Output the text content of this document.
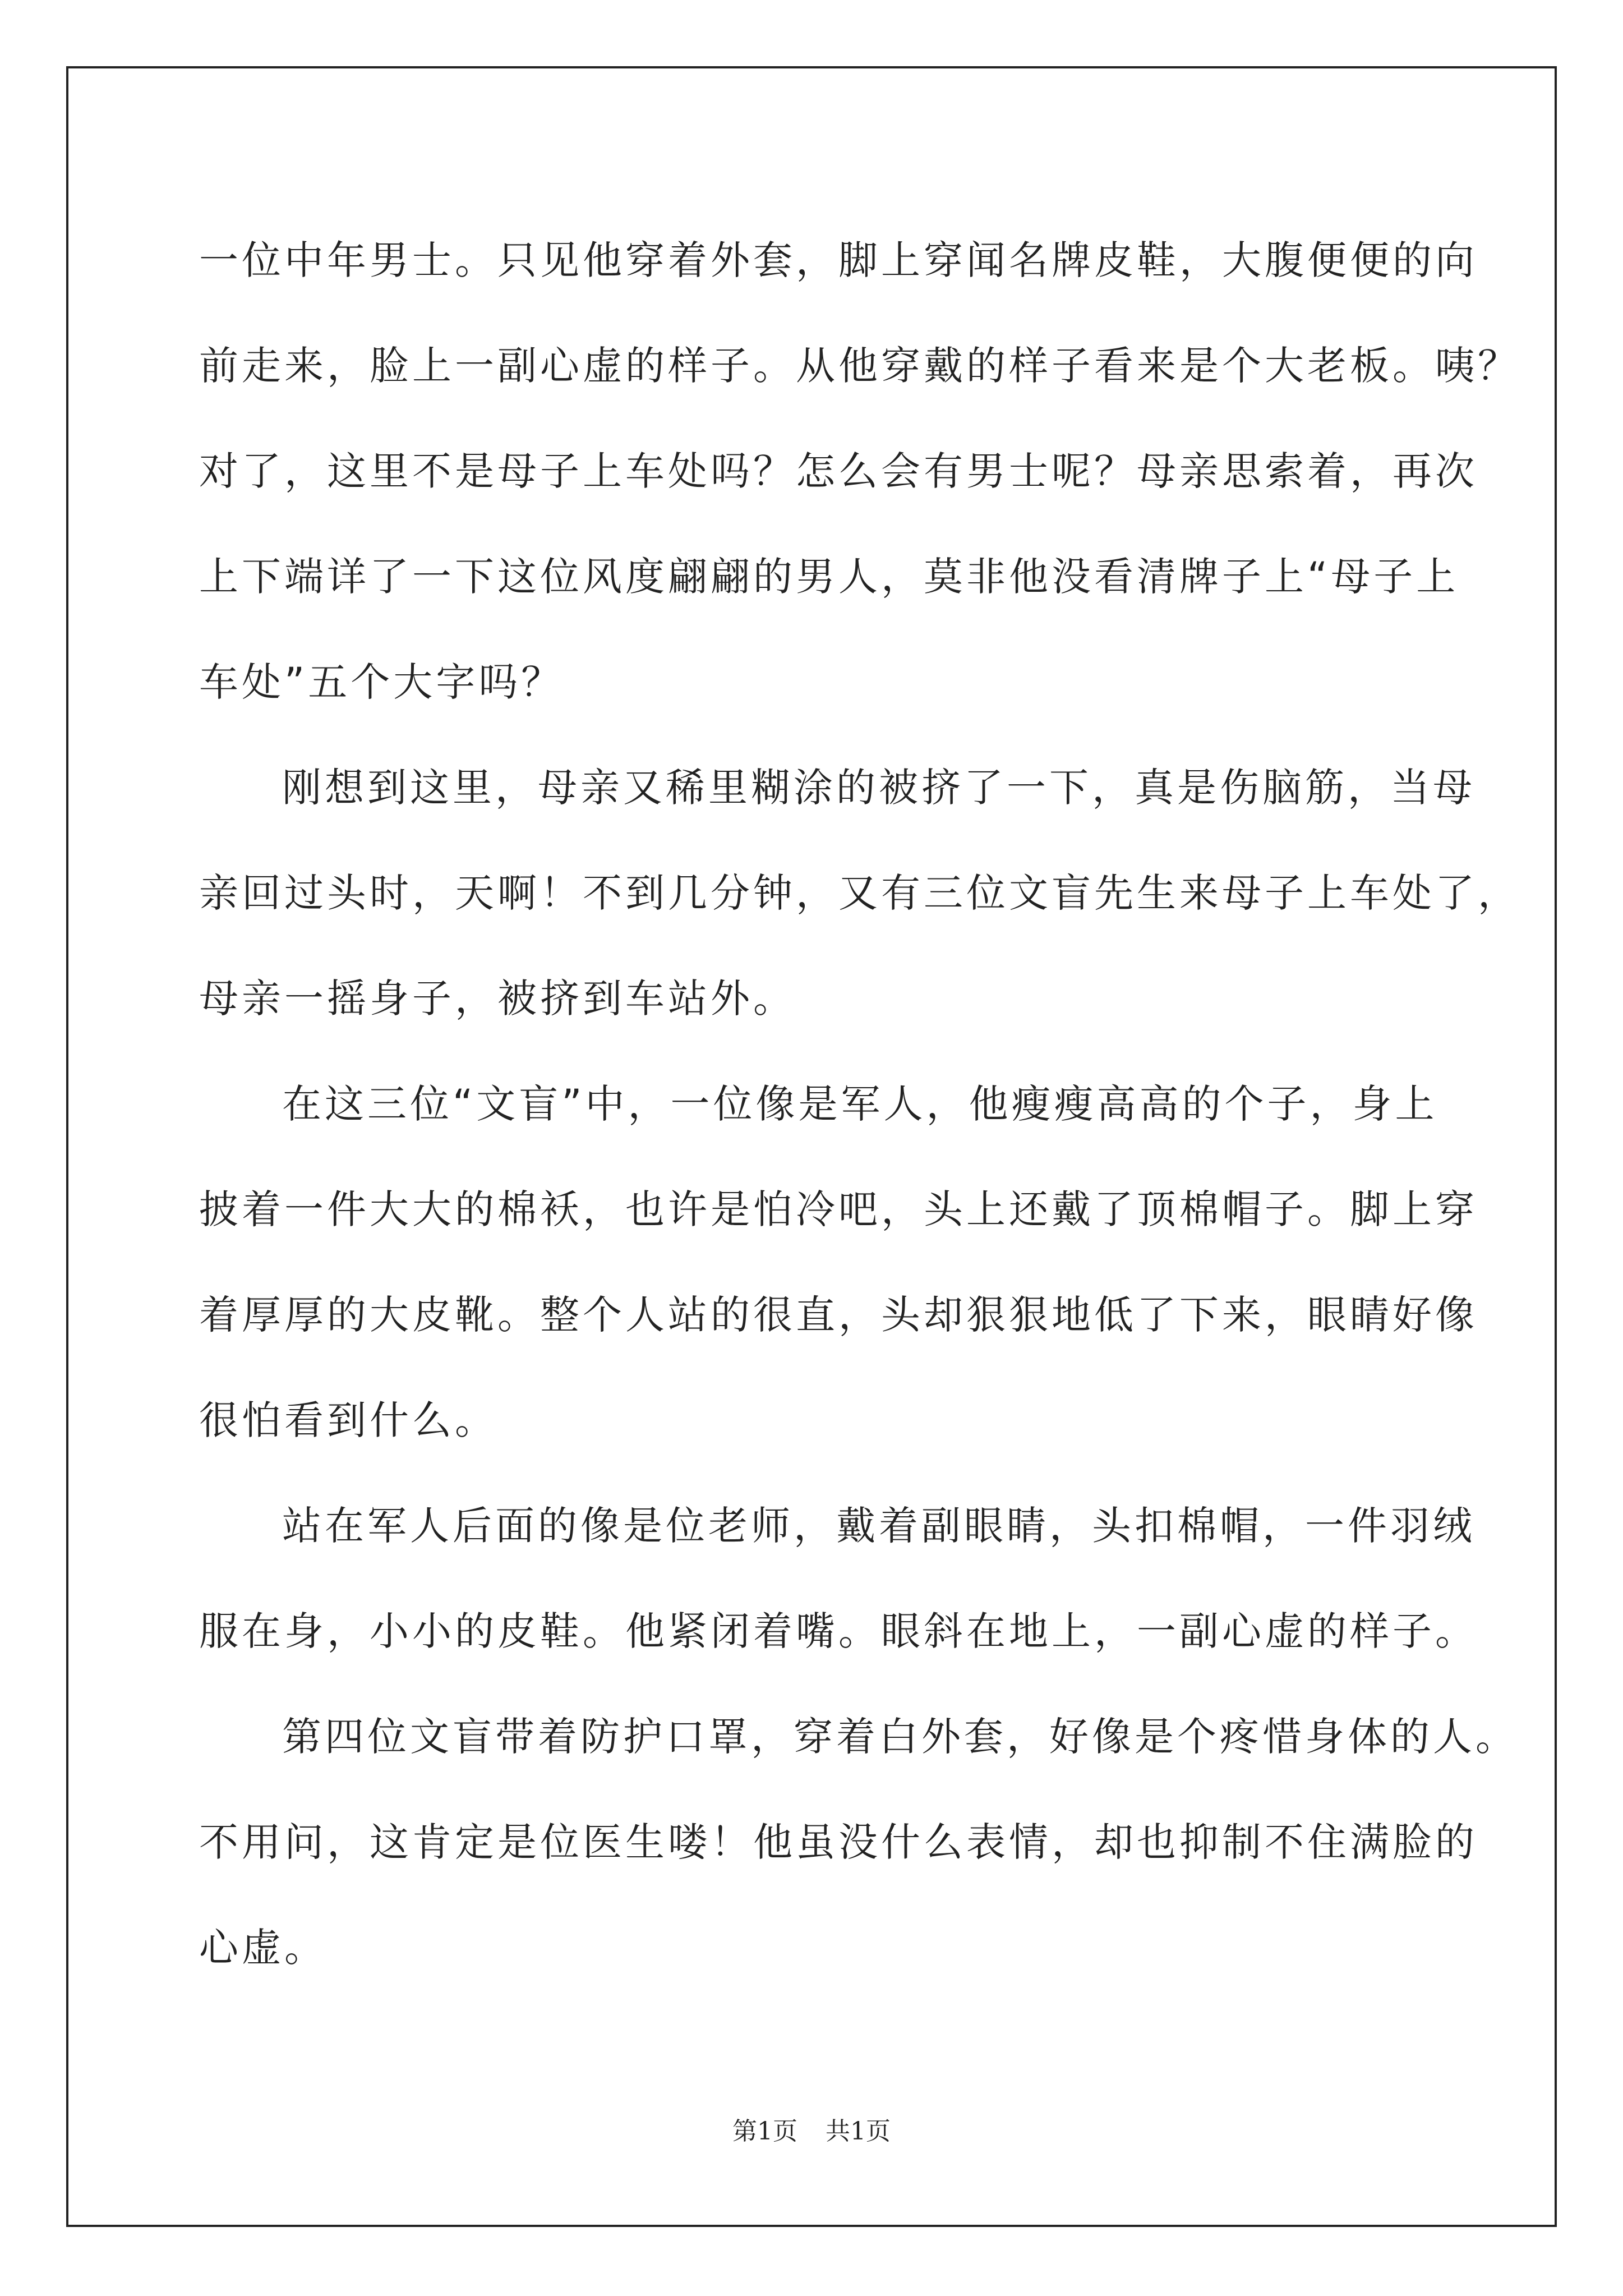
一位中年男士。只见他穿着外套，脚上穿闻名牌皮鞋，大腹便便的向
前走来，脸上一副心虚的样子。从他穿戴的样子看来是个大老板。咦？
对了，这里不是母子上车处吗？怎么会有男士呢？母亲思索着，再次
上下端详了一下这位风度翩翩的男人，莫非他没看清牌子上“母子上
车处”五个大字吗？
刚想到这里，母亲又稀里糊涂的被挤了一下，真是伤脑筋，当母
亲回过头时，天啊！不到几分钟，又有三位文盲先生来母子上车处了，
母亲一摇身子，被挤到车站外。
在这三位“文盲”中，一位像是军人，他瘦瘦高高的个子，身上
披着一件大大的棉袄，也许是怕冷吧，头上还戴了顶棉帽子。脚上穿
着厚厚的大皮靴。整个人站的很直，头却狠狠地低了下来，眼睛好像
很怕看到什么。
站在军人后面的像是位老师，戴着副眼睛，头扣棉帽，一件羽绒
服在身，小小的皮鞋。他紧闭着嘴。眼斜在地上，一副心虚的样子。
第四位文盲带着防护口罩，穿着白外套，好像是个疼惜身体的人。
不用问，这肯定是位医生喽！他虽没什么表情，却也抑制不住满脸的
心虚。
第1页 共1页
